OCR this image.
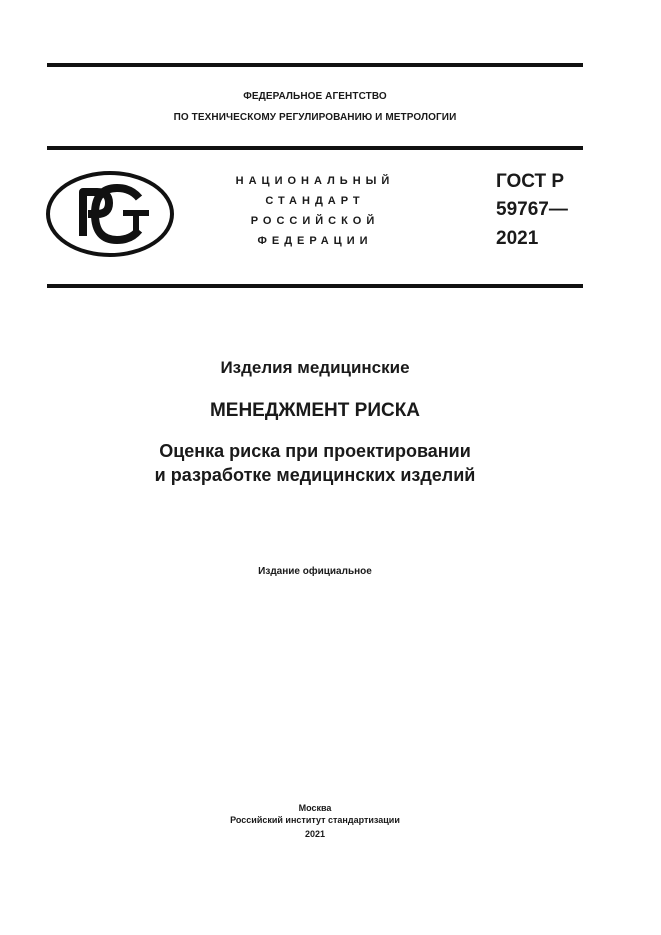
ФЕДЕРАЛЬНОЕ АГЕНТСТВО
ПО ТЕХНИЧЕСКОМУ РЕГУЛИРОВАНИЮ И МЕТРОЛОГИИ
НАЦИОНАЛЬНЫЙ
СТАНДАРТ
РОССИЙСКОЙ
ФЕДЕРАЦИИ
ГОСТ Р
59767—
2021
Изделия медицинские
МЕНЕДЖМЕНТ РИСКА
Оценка риска при проектировании
и разработке медицинских изделий
Издание официальное
Москва
Российский институт стандартизации
2021
